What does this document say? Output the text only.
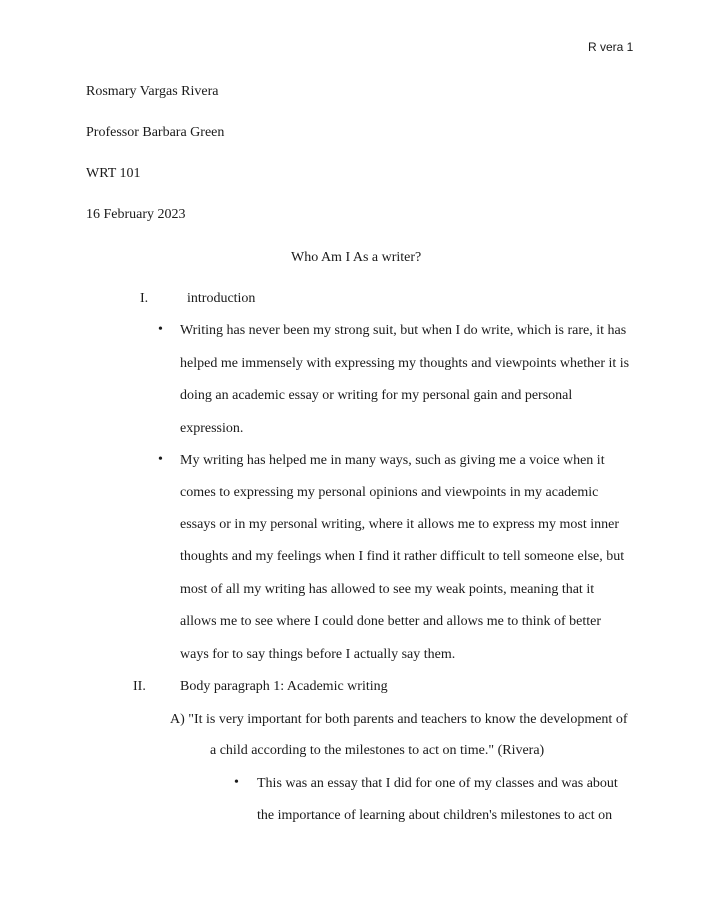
R vera 1
Rosmary Vargas Rivera
Professor Barbara Green
WRT 101
16 February 2023
Who Am I As a writer?
I.	introduction
• Writing has never been my strong suit, but when I do write, which is rare, it has
helped me immensely with expressing my thoughts and viewpoints whether it is
doing an academic essay or writing for my personal gain and personal
expression.
• My writing has helped me in many ways, such as giving me a voice when it
comes to expressing my personal opinions and viewpoints in my academic
essays or in my personal writing, where it allows me to express my most inner
thoughts and my feelings when I find it rather difficult to tell someone else, but
most of all my writing has allowed to see my weak points, meaning that it
allows me to see where I could done better and allows me to think of better
ways for to say things before I actually say them.
II. Body paragraph 1: Academic writing
A) "It is very important for both parents and teachers to know the development of
a child according to the milestones to act on time." (Rivera)
• This was an essay that I did for one of my classes and was about
the importance of learning about children's milestones to act on
